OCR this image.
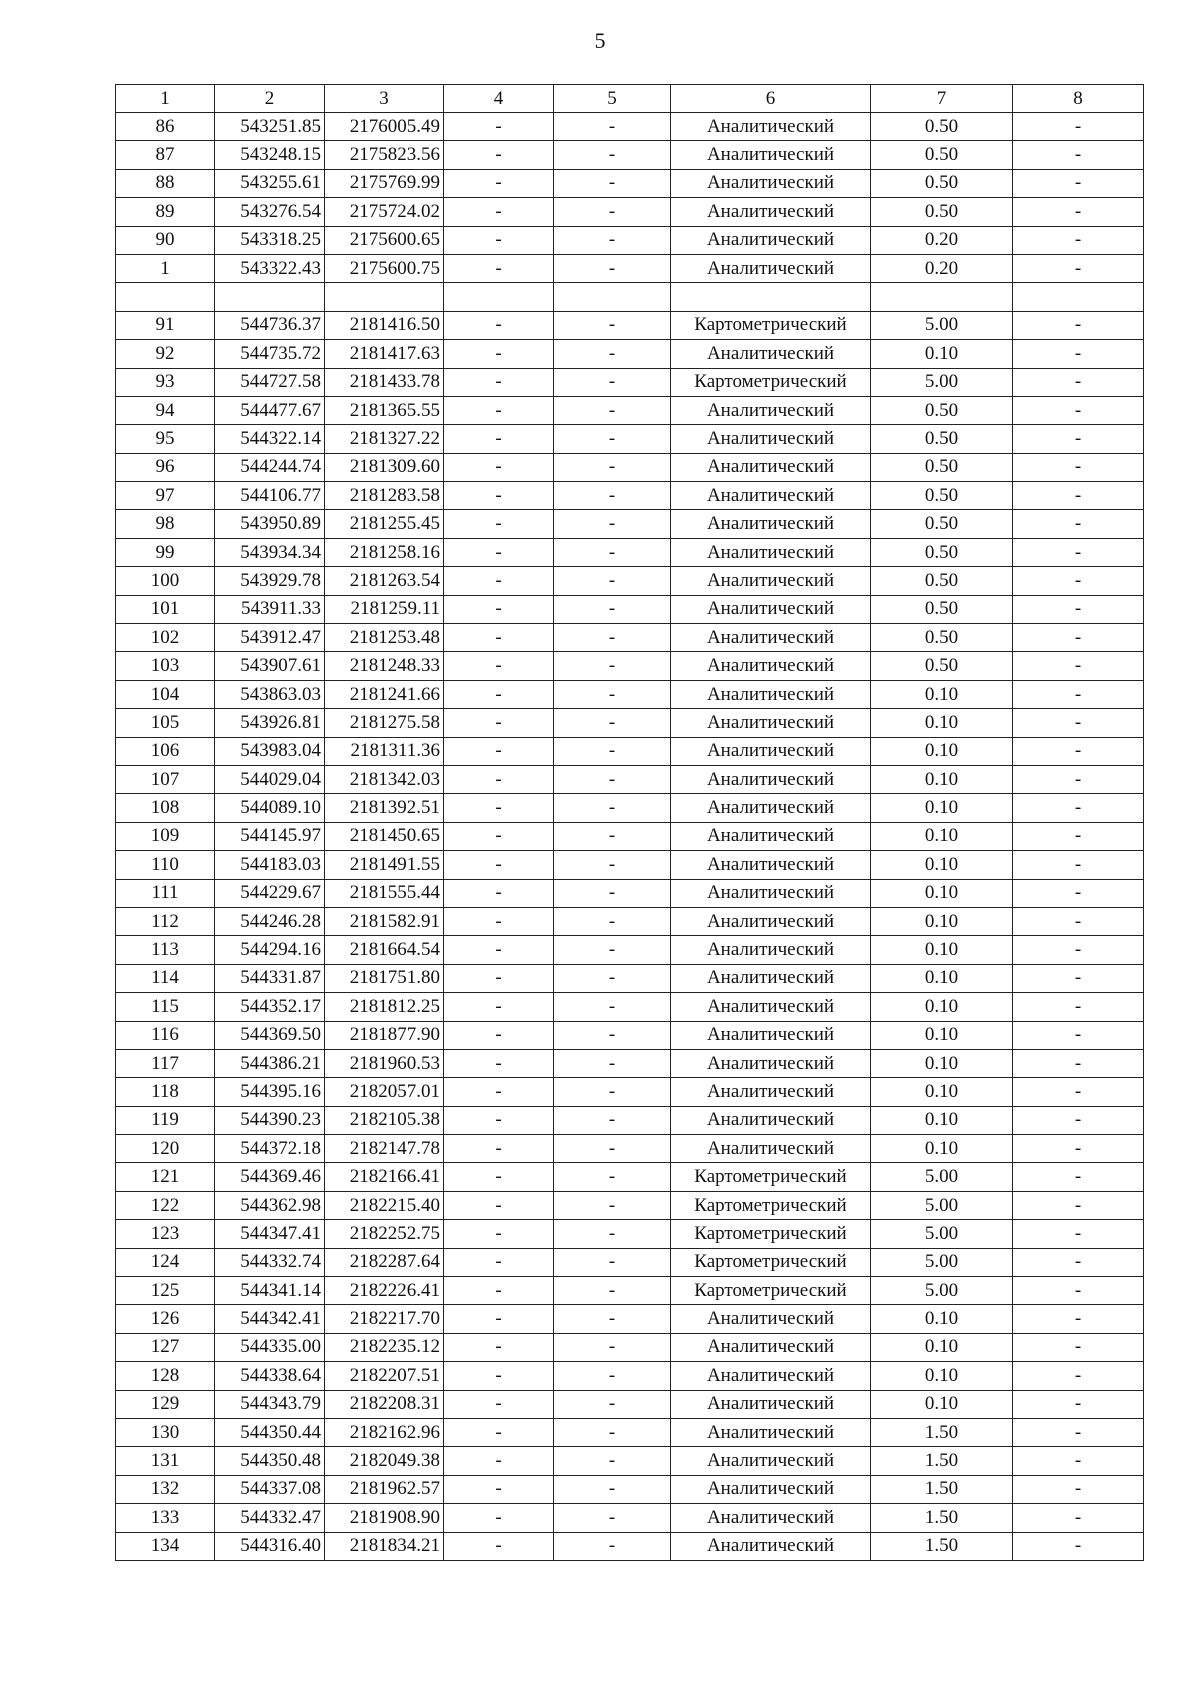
5
1	2	3	4	5	6	7	8
86	543251.85	2176005.49	-	-	Аналитический	0.50	-
87	543248.15	2175823.56	-	-	Аналитический	0.50	-
88	543255.61	2175769.99	-	-	Аналитический	0.50	-
89	543276.54	2175724.02	-	-	Аналитический	0.50	-
90	543318.25	2175600.65	-	-	Аналитический	0.20	-
1	543322.43	2175600.75	-	-	Аналитический	0.20	-

91	544736.37	2181416.50	-	-	Картометрический	5.00	-
92	544735.72	2181417.63	-	-	Аналитический	0.10	-
93	544727.58	2181433.78	-	-	Картометрический	5.00	-
94	544477.67	2181365.55	-	-	Аналитический	0.50	-
95	544322.14	2181327.22	-	-	Аналитический	0.50	-
96	544244.74	2181309.60	-	-	Аналитический	0.50	-
97	544106.77	2181283.58	-	-	Аналитический	0.50	-
98	543950.89	2181255.45	-	-	Аналитический	0.50	-
99	543934.34	2181258.16	-	-	Аналитический	0.50	-
100	543929.78	2181263.54	-	-	Аналитический	0.50	-
101	543911.33	2181259.11	-	-	Аналитический	0.50	-
102	543912.47	2181253.48	-	-	Аналитический	0.50	-
103	543907.61	2181248.33	-	-	Аналитический	0.50	-
104	543863.03	2181241.66	-	-	Аналитический	0.10	-
105	543926.81	2181275.58	-	-	Аналитический	0.10	-
106	543983.04	2181311.36	-	-	Аналитический	0.10	-
107	544029.04	2181342.03	-	-	Аналитический	0.10	-
108	544089.10	2181392.51	-	-	Аналитический	0.10	-
109	544145.97	2181450.65	-	-	Аналитический	0.10	-
110	544183.03	2181491.55	-	-	Аналитический	0.10	-
111	544229.67	2181555.44	-	-	Аналитический	0.10	-
112	544246.28	2181582.91	-	-	Аналитический	0.10	-
113	544294.16	2181664.54	-	-	Аналитический	0.10	-
114	544331.87	2181751.80	-	-	Аналитический	0.10	-
115	544352.17	2181812.25	-	-	Аналитический	0.10	-
116	544369.50	2181877.90	-	-	Аналитический	0.10	-
117	544386.21	2181960.53	-	-	Аналитический	0.10	-
118	544395.16	2182057.01	-	-	Аналитический	0.10	-
119	544390.23	2182105.38	-	-	Аналитический	0.10	-
120	544372.18	2182147.78	-	-	Аналитический	0.10	-
121	544369.46	2182166.41	-	-	Картометрический	5.00	-
122	544362.98	2182215.40	-	-	Картометрический	5.00	-
123	544347.41	2182252.75	-	-	Картометрический	5.00	-
124	544332.74	2182287.64	-	-	Картометрический	5.00	-
125	544341.14	2182226.41	-	-	Картометрический	5.00	-
126	544342.41	2182217.70	-	-	Аналитический	0.10	-
127	544335.00	2182235.12	-	-	Аналитический	0.10	-
128	544338.64	2182207.51	-	-	Аналитический	0.10	-
129	544343.79	2182208.31	-	-	Аналитический	0.10	-
130	544350.44	2182162.96	-	-	Аналитический	1.50	-
131	544350.48	2182049.38	-	-	Аналитический	1.50	-
132	544337.08	2181962.57	-	-	Аналитический	1.50	-
133	544332.47	2181908.90	-	-	Аналитический	1.50	-
134	544316.40	2181834.21	-	-	Аналитический	1.50	-
